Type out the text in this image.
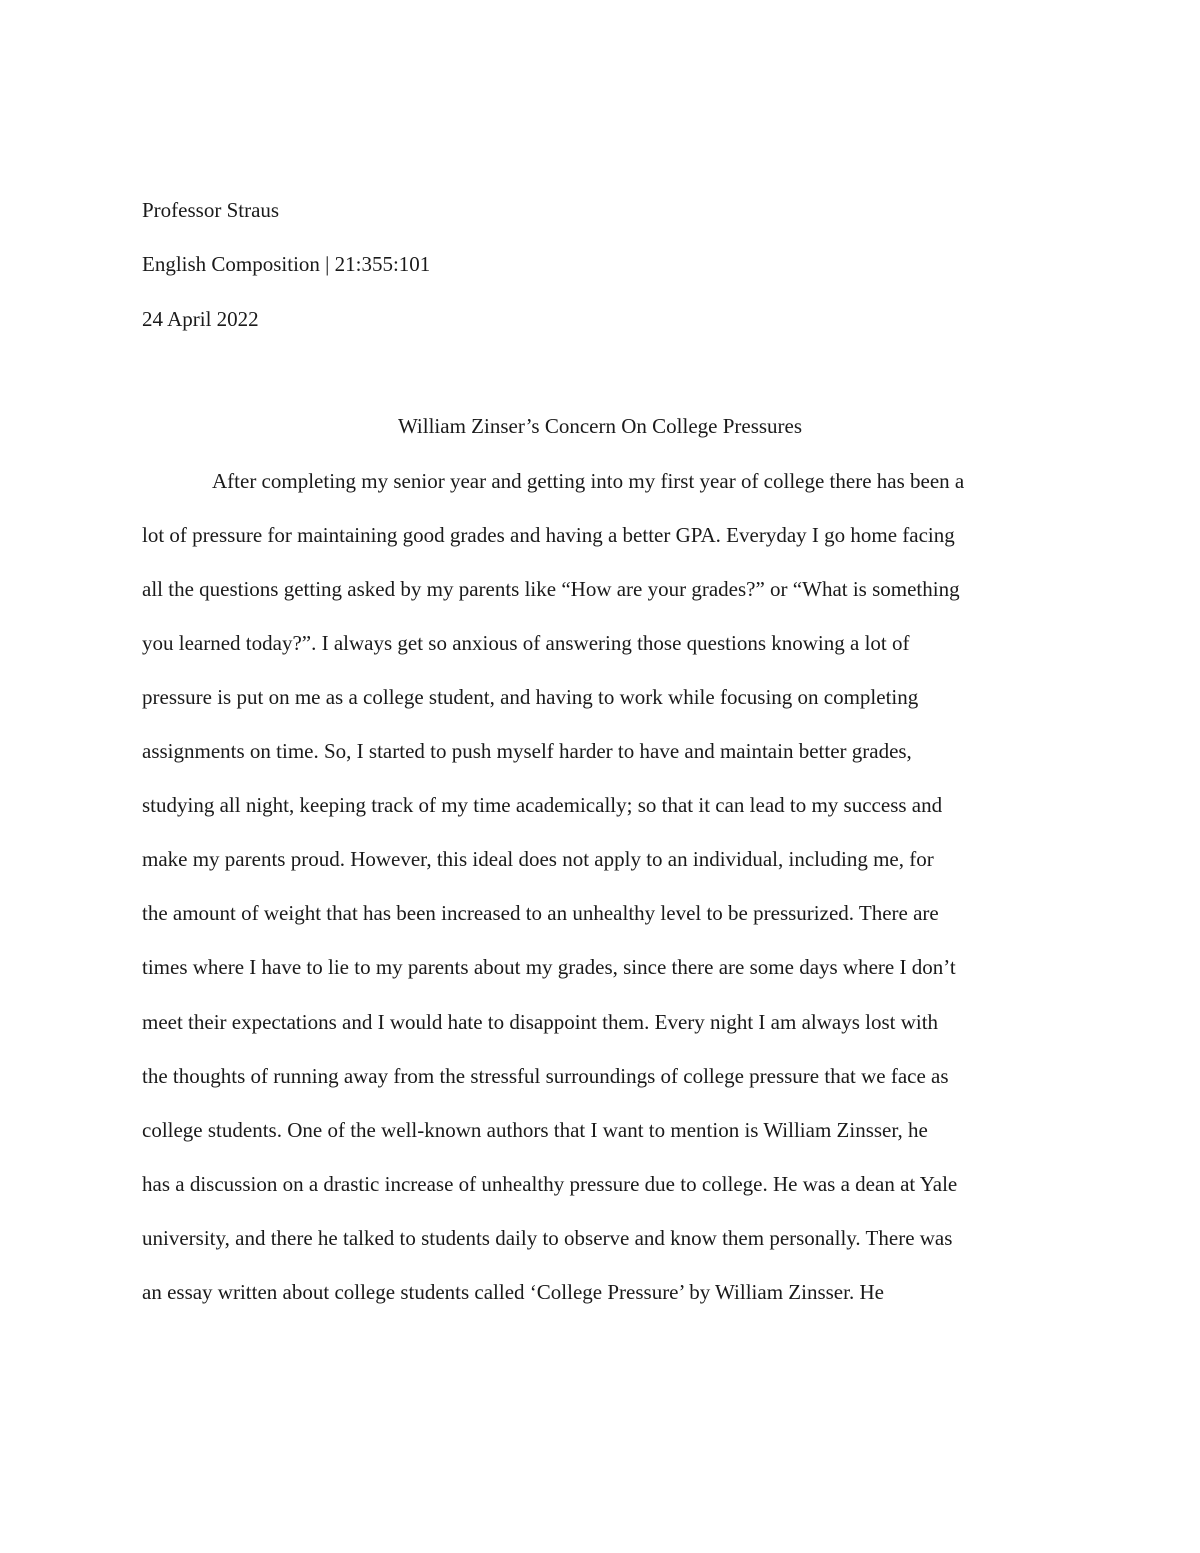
Professor Straus
English Composition | 21:355:101
24 April 2022
William Zinser’s Concern On College Pressures
After completing my senior year and getting into my first year of college there has been a
lot of pressure for maintaining good grades and having a better GPA. Everyday I go home facing
all the questions getting asked by my parents like “How are your grades?” or “What is something
you learned today?”. I always get so anxious of answering those questions knowing a lot of
pressure is put on me as a college student, and having to work while focusing on completing
assignments on time. So, I started to push myself harder to have and maintain better grades,
studying all night, keeping track of my time academically; so that it can lead to my success and
make my parents proud. However, this ideal does not apply to an individual, including me, for
the amount of weight that has been increased to an unhealthy level to be pressurized. There are
times where I have to lie to my parents about my grades, since there are some days where I don’t
meet their expectations and I would hate to disappoint them. Every night I am always lost with
the thoughts of running away from the stressful surroundings of college pressure that we face as
college students. One of the well-known authors that I want to mention is William Zinsser, he
has a discussion on a drastic increase of unhealthy pressure due to college. He was a dean at Yale
university, and there he talked to students daily to observe and know them personally. There was
an essay written about college students called ‘College Pressure’ by William Zinsser. He
